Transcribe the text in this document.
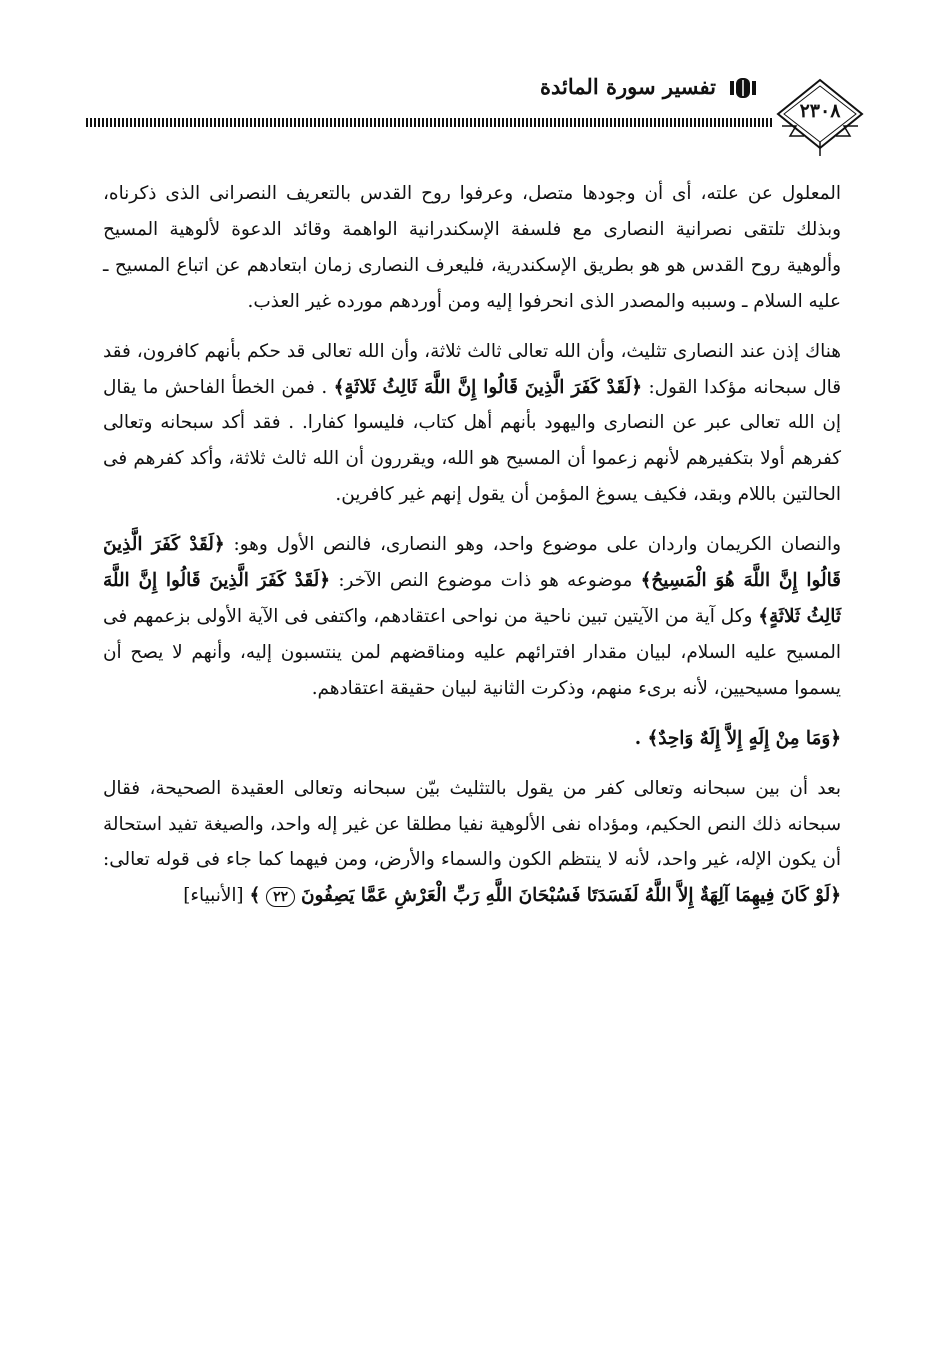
٢٣٠٨
تفسير سورة المائدة

المعلول عن علته، أى أن وجودها متصل، وعرفوا روح القدس بالتعريف النصرانى الذى ذكرناه، وبذلك تلتقى نصرانية النصارى مع فلسفة الإسكندرانية الواهمة وقائد الدعوة لألوهية المسيح وألوهية روح القدس هو هو بطريق الإسكندرية، فليعرف النصارى زمان ابتعادهم عن اتباع المسيح ـ عليه السلام ـ وسببه والمصدر الذى انحرفوا إليه ومن أوردهم مورده غير العذب.

هناك إذن عند النصارى تثليث، وأن الله تعالى ثالث ثلاثة، وأن الله تعالى قد حكم بأنهم كافرون، فقد قال سبحانه مؤكدا القول: ﴿لَقَدْ كَفَرَ الَّذِينَ قَالُوا إِنَّ اللَّهَ ثَالِثُ ثَلاثَةٍ﴾ . فمن الخطأ الفاحش ما يقال إن الله تعالى عبر عن النصارى واليهود بأنهم أهل كتاب، فليسوا كفارا. . فقد أكد سبحانه وتعالى كفرهم أولا بتكفيرهم لأنهم زعموا أن المسيح هو الله، ويقررون أن الله ثالث ثلاثة، وأكد كفرهم فى الحالتين باللام وبقد، فكيف يسوغ المؤمن أن يقول إنهم غير كافرين.

والنصان الكريمان واردان على موضوع واحد، وهو النصارى، فالنص الأول وهو: ﴿لَقَدْ كَفَرَ الَّذِينَ قَالُوا إِنَّ اللَّهَ هُوَ الْمَسِيحُ﴾ موضوعه هو ذات موضوع النص الآخر: ﴿لَقَدْ كَفَرَ الَّذِينَ قَالُوا إِنَّ اللَّهَ ثَالِثُ ثَلاثَةٍ﴾ وكل آية من الآيتين تبين ناحية من نواحى اعتقادهم، واكتفى فى الآية الأولى بزعمهم فى المسيح عليه السلام، لبيان مقدار افترائهم عليه ومناقضهم لمن ينتسبون إليه، وأنهم لا يصح أن يسموا مسيحيين، لأنه برىء منهم، وذكرت الثانية لبيان حقيقة اعتقادهم.

﴿وَمَا مِنْ إِلَهٍ إِلاَّ إِلَهٌ وَاحِدٌ﴾ .

بعد أن بين سبحانه وتعالى كفر من يقول بالتثليث بيّن سبحانه وتعالى العقيدة الصحيحة، فقال سبحانه ذلك النص الحكيم، ومؤداه نفى الألوهية نفيا مطلقا عن غير إله واحد، والصيغة تفيد استحالة أن يكون الإله، غير واحد، لأنه لا ينتظم الكون والسماء والأرض، ومن فيهما كما جاء فى قوله تعالى: ﴿لَوْ كَانَ فِيهِمَا آلِهَةٌ إِلاَّ اللَّهُ لَفَسَدَتَا فَسُبْحَانَ اللَّهِ رَبِّ الْعَرْشِ عَمَّا يَصِفُونَ ٢٢ ﴾ [الأنبياء]
